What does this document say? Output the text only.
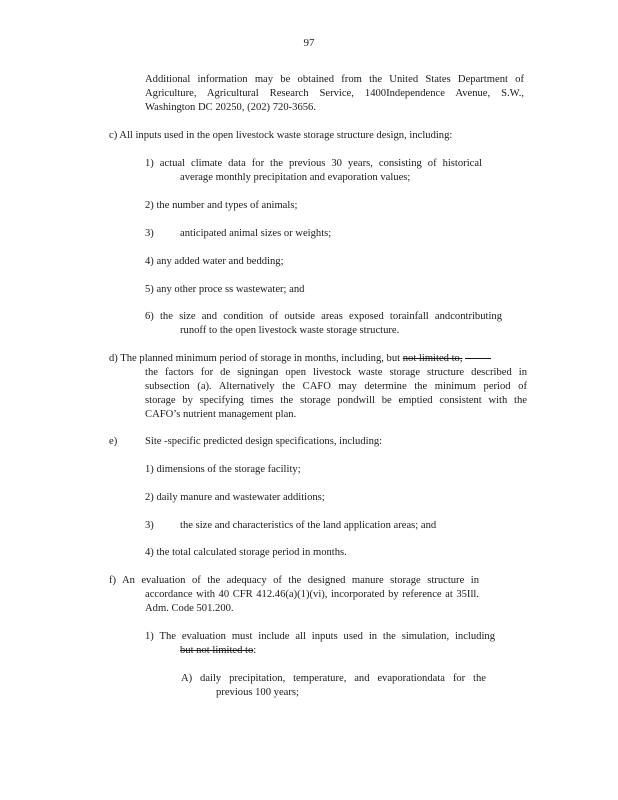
97
Additional information may be obtained from the United States Department of
Agriculture, Agricultural Research Service, 1400Independence Avenue, S.W.,
Washington DC 20250, (202) 720-3656.
c) All inputs used in the open livestock waste storage structure design, including:
1) actual climate data for the previous 30 years, consisting of historical
average monthly precipitation and evaporation values;
2) the number and types of animals;
3) anticipated animal sizes or weights;
4) any added water and bedding;
5) any other proce ss wastewater; and
6) the size and condition of outside areas exposed torainfall andcontributing
runoff to the open livestock waste storage structure.
d) The planned minimum period of storage in months, including, but not limited to,
the factors for de signingan open livestock waste storage structure described in
subsection (a). Alternatively the CAFO may determine the minimum period of
storage by specifying times the storage pondwill be emptied consistent with the
CAFO’s nutrient management plan.
e)	Site -specific predicted design specifications, including:
1) dimensions of the storage facility;
2) daily manure and wastewater additions;
3) the size and characteristics of the land application areas; and
4) the total calculated storage period in months.
f) An evaluation of the adequacy of the designed manure storage structure in
accordance with 40 CFR 412.46(a)(1)(vi), incorporated by reference at 35Ill.
Adm. Code 501.200.
1) The evaluation must include all inputs used in the simulation, including
but not limited to:
A) daily precipitation, temperature, and evaporationdata for the
previous 100 years;
